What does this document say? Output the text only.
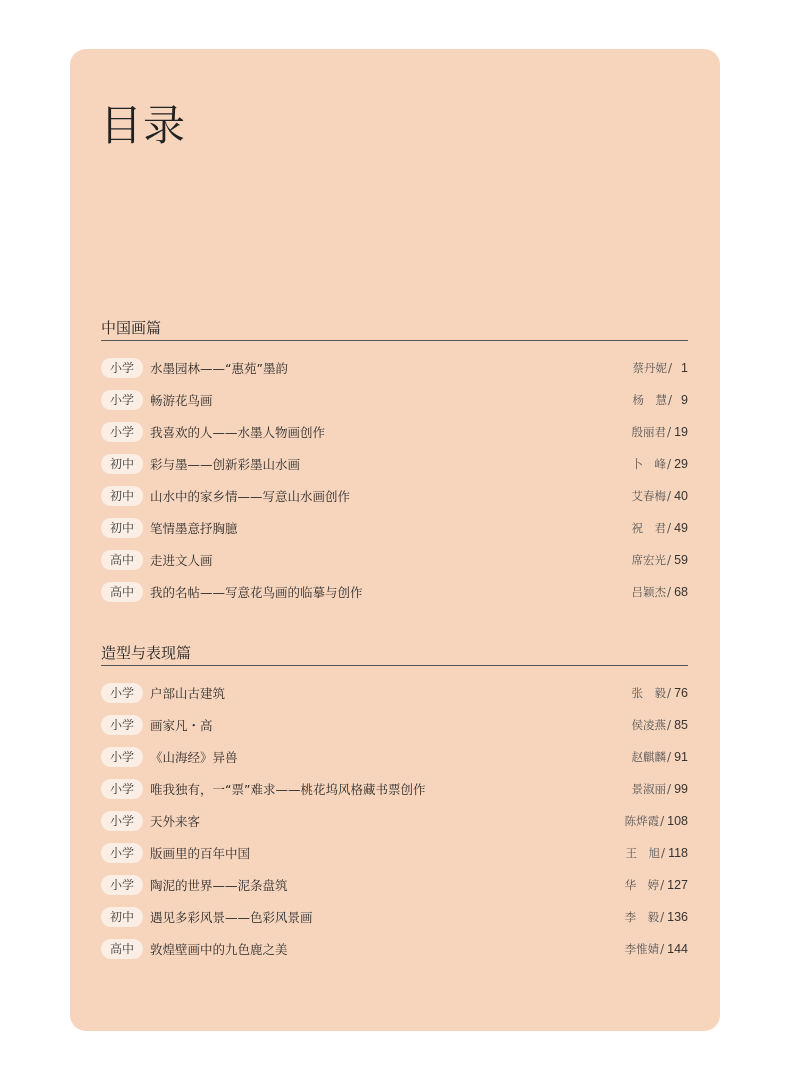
目录
中国画篇
小学	水墨园林——“惠苑”墨韵	蔡丹妮 / 1
小学	畅游花鸟画	杨　慧 / 9
小学	我喜欢的人——水墨人物画创作	殷丽君 / 19
初中	彩与墨——创新彩墨山水画	卜　峰 / 29
初中	山水中的家乡情——写意山水画创作	艾春梅 / 40
初中	笔情墨意抒胸臆	祝　君 / 49
高中	走进文人画	席宏光 / 59
高中	我的名帖——写意花鸟画的临摹与创作	吕颖杰 / 68
造型与表现篇
小学	户部山古建筑	张　毅 / 76
小学	画家凡・高	侯凌燕 / 85
小学	《山海经》异兽	赵麒麟 / 91
小学	唯我独有，一“票”难求——桃花坞风格藏书票创作	景淑丽 / 99
小学	天外来客	陈烨霞 / 108
小学	版画里的百年中国	王　旭 / 118
小学	陶泥的世界——泥条盘筑	华　婷 / 127
初中	遇见多彩风景——色彩风景画	李　毅 / 136
高中	敦煌壁画中的九色鹿之美	李惟婧 / 144
